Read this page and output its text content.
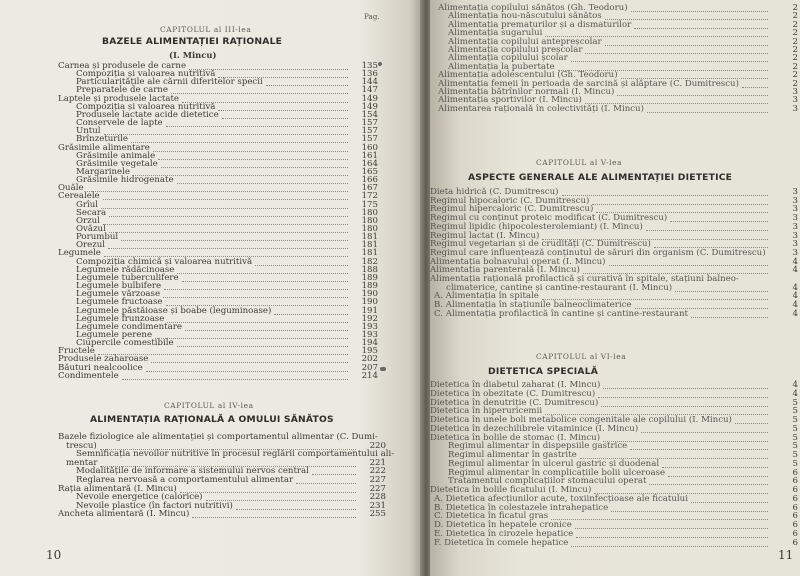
Pag.
CAPITOLUL al III-lea
BAZELE ALIMENTAȚIEI RAȚIONALE
(I. Mincu)
Carnea și produsele de carne	135
Compoziția și valoarea nutritivă	136
Particularitățile ale cărnii diferitelor specii	144
Preparatele de carne	147
Laptele și produsele lactate	149
Compoziția și valoarea nutritivă	149
Produsele lactate acide dietetice	154
Conservele de lapte	157
Untul	157
Brînzeturile	157
Grăsimile alimentare	160
Grăsimile animale	161
Grăsimile vegetale	164
Margarinele	165
Grăsimile hidrogenate	166
Ouăle	167
Cerealele	172
Grîul	175
Secara	180
Orzul	180
Ovăzul	180
Porumbul	181
Orezul	181
Legumele	181
Compoziția chimică și valoarea nutritivă	182
Legumele rădăcinoase	188
Legumele tuberculifere	189
Legumele bulbifere	189
Legumele vărzoase	190
Legumele fructoase	190
Legumele păstăioase și boabe (leguminoase)	191
Legumele frunzoase	192
Legumele condimentare	193
Legumele perene	193
Ciupercile comestibile	194
Fructele	195
Produsele zaharoase	202
Băuturi nealcoolice	207
Condimentele	214
CAPITOLUL al IV-lea
ALIMENTAȚIA RAȚIONALĂ A OMULUI SĂNĂTOS
Bazele fiziologice ale alimentației și comportamentul alimentar (C. Dumi-
trescu)	220
Semnificația nevoilor nutritive în procesul reglării comportamentului ali-
mentar	221
Modalitățile de informare a sistemului nervos central	222
Reglarea nervoasă a comportamentului alimentar	227
Rația alimentară (I. Mincu)	227
Nevoile energetice (calorice)	228
Nevoile plastice (în factori nutritivi)	231
Ancheta alimentară (I. Mincu)	255
10
Alimentația copilului sănătos (Gh. Teodoru)	2
Alimentația nou-născutului sănătos	2
Alimentația prematurilor și a dismaturilor	2
Alimentația sugarului	2
Alimentația copilului antepreșcolar	2
Alimentația copilului preșcolar	2
Alimentația copilului școlar	2
Alimentația la pubertate	2
Alimentația adolescentului (Gh. Teodoru)	2
Alimentația femeii în perioada de sarcină și alăptare (C. Dumitrescu)	2
Alimentația bătrînilor normali (I. Mincu)	3
Alimentația sportivilor (I. Mincu)	3
Alimentarea rațională în colectivități (I. Mincu)	3
CAPITOLUL al V-lea
ASPECTE GENERALE ALE ALIMENTAȚIEI DIETETICE
Dieta hidrică (C. Dumitrescu)	3
Regimul hipocaloric (C. Dumitrescu)	3
Regimul hipercaloric (C. Dumitrescu)	3
Regimul cu conținut proteic modificat (C. Dumitrescu)	3
Regimul lipidic (hipocolesterolemiant) (I. Mincu)	3
Regimul lactat (I. Mincu)	3
Regimul vegetarian și de crudități (C. Dumitrescu)	3
Regimul care influențează conținutul de săruri din organism (C. Dumitrescu)	3
Alimentația bolnavului operat (I. Mincu)	4
Alimentația parenterală (I. Mincu)	4
Alimentația rațională profilactică și curativă în spitale, stațiuni balneo-
climaterice, cantine și cantine-restaurant (I. Mincu)	4
A. Alimentația în spitale	4
B. Alimentația în stațiunile balneoclimaterice	4
C. Alimentația profilactică în cantine și cantine-restaurant	4
CAPITOLUL al VI-lea
DIETETICA SPECIALĂ
Dietetica în diabetul zaharat (I. Mincu)	4
Dietetica în obezitate (C. Dumitrescu)	4
Dietetica în denutriție (C. Dumitrescu)	5
Dietetica în hiperuricemii	5
Dietetica în unele boli metabolice congenitale ale copilului (I. Mincu)	5
Dietetica în dezechilibrele vitaminice (I. Mincu)	5
Dietetica în bolile de stomac (I. Mincu)	5
Regimul alimentar în dispepsiile gastrice	5
Regimul alimentar în gastrite	5
Regimul alimentar în ulcerul gastric și duodenal	5
Regimul alimentar în complicațiile bolii ulceroase	6
Tratamentul complicațiilor stomacului operat	6
Dietetica în bolile ficatului (I. Mincu)	6
A. Dietetica afecțiunilor acute, toxiinfecțioase ale ficatului	6
B. Dietetica în colestazele intrahepatice	6
C. Dietetica în ficatul gras	6
D. Dietetica în hepatele cronice	6
E. Dietetica în cirozele hepatice	6
F. Dietetica în comele hepatice	6
11
